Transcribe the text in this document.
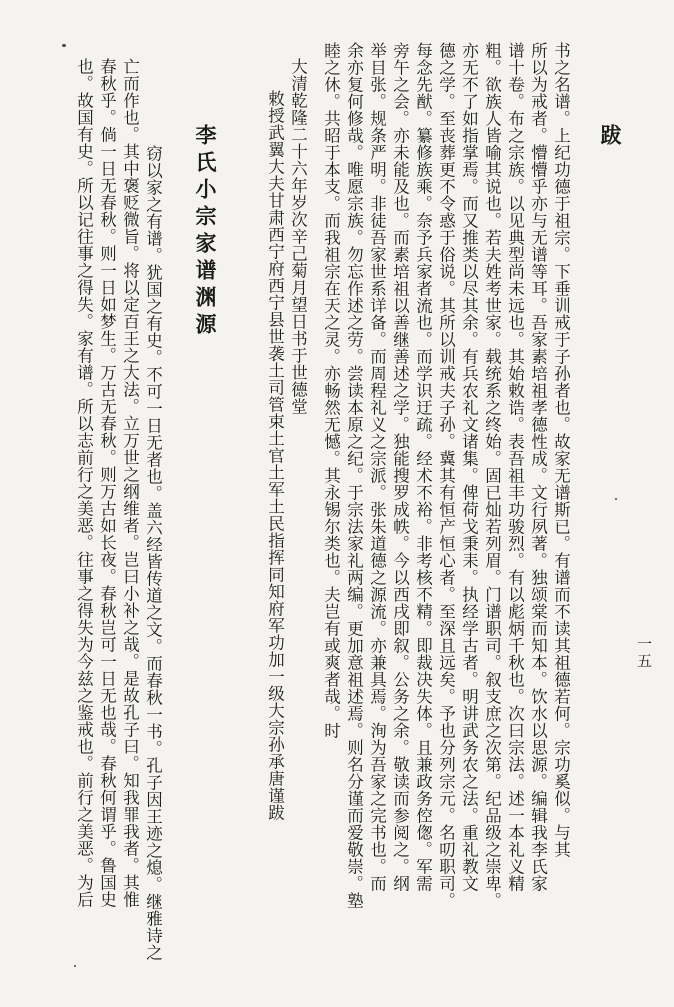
跋
书之名谱。上纪功德于祖宗。下垂训戒于子孙者也。故家无谱斯已。有谱而不读其祖德若何。宗功奚似。与其
所以为戒者。懵懵乎亦与无谱等耳。吾家素培祖孝德性成。文行夙著。独颂棠而知本。饮水以思源。编辑我李氏家
谱十卷。布之宗族。以见典型尚未远也。其始敕诰。表吾祖丰功骏烈。有以彪炳千秋也。次曰宗法。述一本礼义精
粗。欲族人皆喻其说也。若夫姓考世家。载统系之终始。固已灿若列眉。门谱职司。叙支庶之次第。纪品级之崇卑。
亦无不了如指掌焉。而又推类以尽其余。有兵农礼文诸集。俾荷戈秉耒。执经学古者。明讲武务农之法。重礼教文
德之学。至丧葬更不令惑于俗说。其所以训戒夫子孙。冀其有恒产恒心者。至深且远矣。予也分列宗元。名叨职司。
每念先猷。纂修族乘。奈予兵家者流也。而学识迂疏。经术不裕。非考核不精。即裁决失体。且兼政务倥偬。军需
旁午之会。亦未能及也。而素培祖以善继善述之学。独能搜罗成帙。今以西戌即叙。公务之余。敬读而参阅之。纲
举目张。规条严明。非徒吾家世系详备。而周程礼义之宗派。张朱道德之源流。亦兼具焉。洵为吾家之完书也。而
余亦复何修哉。唯愿宗族。勿忘作述之劳。尝读本原之纪。于宗法家礼两编。更加意祖述焉。则名分谨而爱敬崇。塾
睦之休。共昭于本支。而我祖宗在天之灵。亦畅然无憾。其永锡尔类也。夫岂有或爽者哉。时
大清乾隆二十六年岁次辛己菊月望日书于世德堂
敕授武翼大夫甘肃西宁府西宁县世袭土司管束土官土军土民指挥同知府军功加一级大宗孙承唐谨跋
李氏小宗家谱渊源
窃以家之有谱。犹国之有史。不可一日无者也。盖六经皆传道之文。而春秋一书。孔子因王迹之熄。继雅诗之
亡而作也。其中褒贬微旨。将以定百王之大法。立万世之纲维者。岂曰小补之哉。是故孔子曰。知我罪我者。其惟
春秋乎。倘一日无春秋。则一日如梦生。万古无春秋。则万古如长夜。春秋岂可一日无也哉。春秋何谓乎。鲁国史
也。故国有史。所以记往事之得失。家有谱。所以志前行之美恶。往事之得失为今兹之鉴戒也。前行之美恶。为后	一五
